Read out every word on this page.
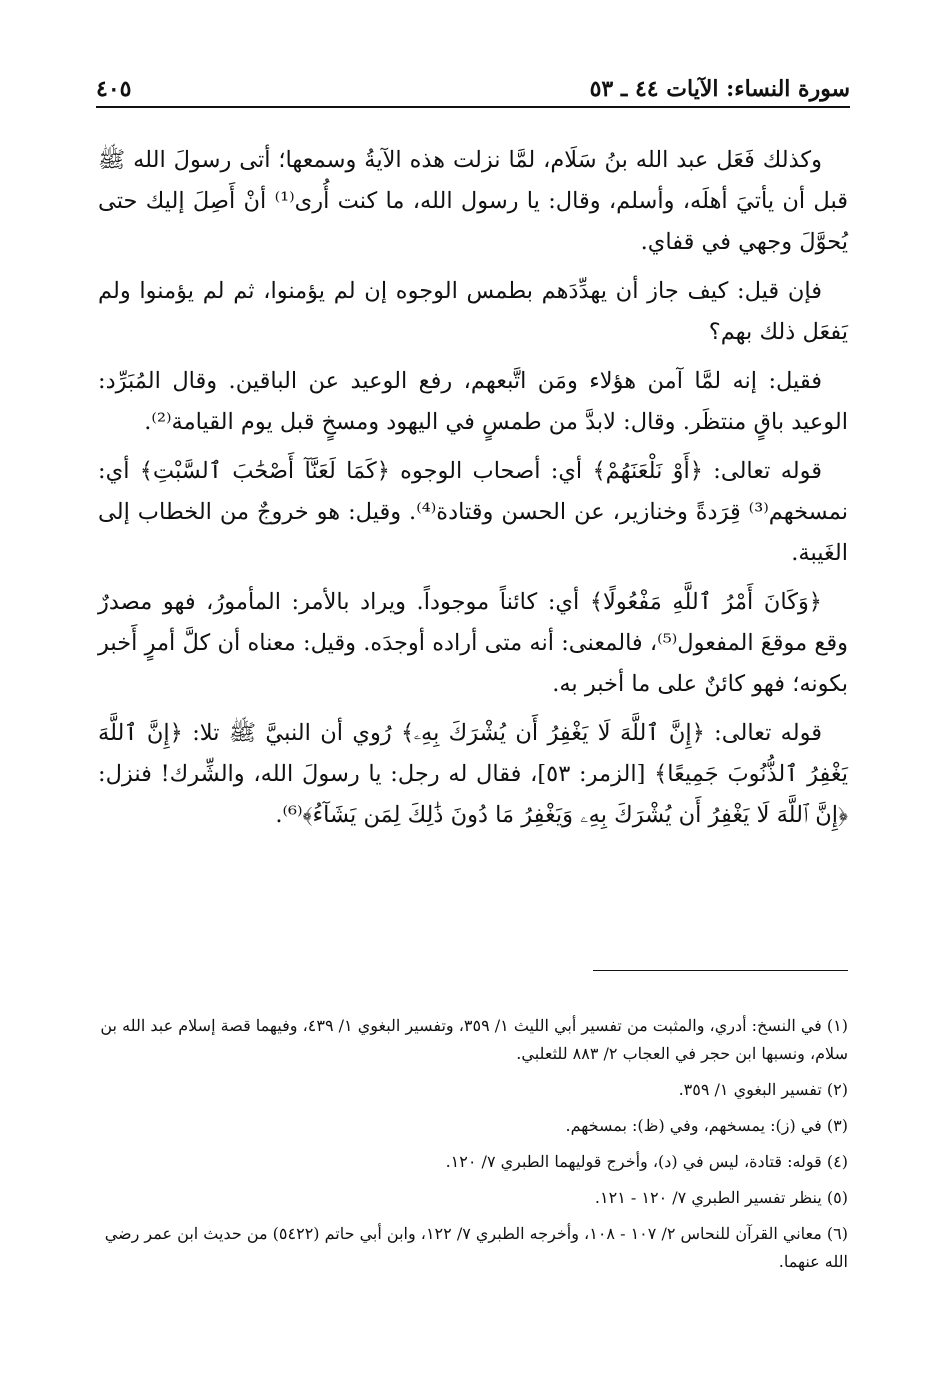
سورة النساء: الآيات ٤٤ ـ ٥٣
٤٠٥

وكذلك فَعَل عبد الله بنُ سَلَام، لمَّا نزلت هذه الآيةُ وسمعها؛ أتى رسولَ الله ﷺ قبل أن يأتيَ أهلَه، وأسلم، وقال: يا رسول الله، ما كنت أُرى⁽¹⁾ أنْ أَصِلَ إليك حتى يُحوَّلَ وجهي في قفاي.

فإن قيل: كيف جاز أن يهدِّدَهم بطمس الوجوه إن لم يؤمنوا، ثم لم يؤمنوا ولم يَفعَل ذلك بهم؟

فقيل: إنه لمَّا آمن هؤلاء ومَن اتَّبعهم، رفع الوعيد عن الباقين. وقال المُبَرِّد: الوعيد باقٍ منتظَر. وقال: لابدَّ من طمسٍ في اليهود ومسخٍ قبل يوم القيامة⁽²⁾.

قوله تعالى: ﴿أَوْ نَلْعَنَهُمْ﴾ أي: أصحاب الوجوه ﴿كَمَا لَعَنَّآ أَصْحَٰبَ ٱلسَّبْتِ﴾ أي: نمسخهم⁽³⁾ قِرَدةً وخنازير، عن الحسن وقتادة⁽⁴⁾. وقيل: هو خروجٌ من الخطاب إلى الغَيبة.

﴿وَكَانَ أَمْرُ ٱللَّهِ مَفْعُولًا﴾ أي: كائناً موجوداً. ويراد بالأمر: المأمورُ، فهو مصدرٌ وقع موقعَ المفعول⁽⁵⁾، فالمعنى: أنه متى أراده أوجدَه. وقيل: معناه أن كلَّ أمرٍ أَخبر بكونه؛ فهو كائنٌ على ما أخبر به.

قوله تعالى: ﴿إِنَّ ٱللَّهَ لَا يَغْفِرُ أَن يُشْرَكَ بِهِۦ﴾ رُوي أن النبيَّ ﷺ تلا: ﴿إِنَّ ٱللَّهَ يَغْفِرُ ٱلذُّنُوبَ جَمِيعًا﴾ [الزمر: ٥٣]، فقال له رجل: يا رسولَ الله، والشِّرك! فنزل: ﴿إِنَّ ٱللَّهَ لَا يَغْفِرُ أَن يُشْرَكَ بِهِۦ وَيَغْفِرُ مَا دُونَ ذَٰلِكَ لِمَن يَشَآءُ﴾⁽⁶⁾.

(١) في النسخ: أدري، والمثبت من تفسير أبي الليث ١/ ٣٥٩، وتفسير البغوي ١/ ٤٣٩، وفيهما قصة إسلام عبد الله بن سلام، ونسبها ابن حجر في العجاب ٢/ ٨٨٣ للثعلبي.
(٢) تفسير البغوي ١/ ٣٥٩.
(٣) في (ز): يمسخهم، وفي (ظ): بمسخهم.
(٤) قوله: قتادة، ليس في (د)، وأخرج قوليهما الطبري ٧/ ١٢٠.
(٥) ينظر تفسير الطبري ٧/ ١٢٠ - ١٢١.
(٦) معاني القرآن للنحاس ٢/ ١٠٧ - ١٠٨، وأخرجه الطبري ٧/ ١٢٢، وابن أبي حاتم (٥٤٢٢) من حديث ابن عمر رضي الله عنهما.
